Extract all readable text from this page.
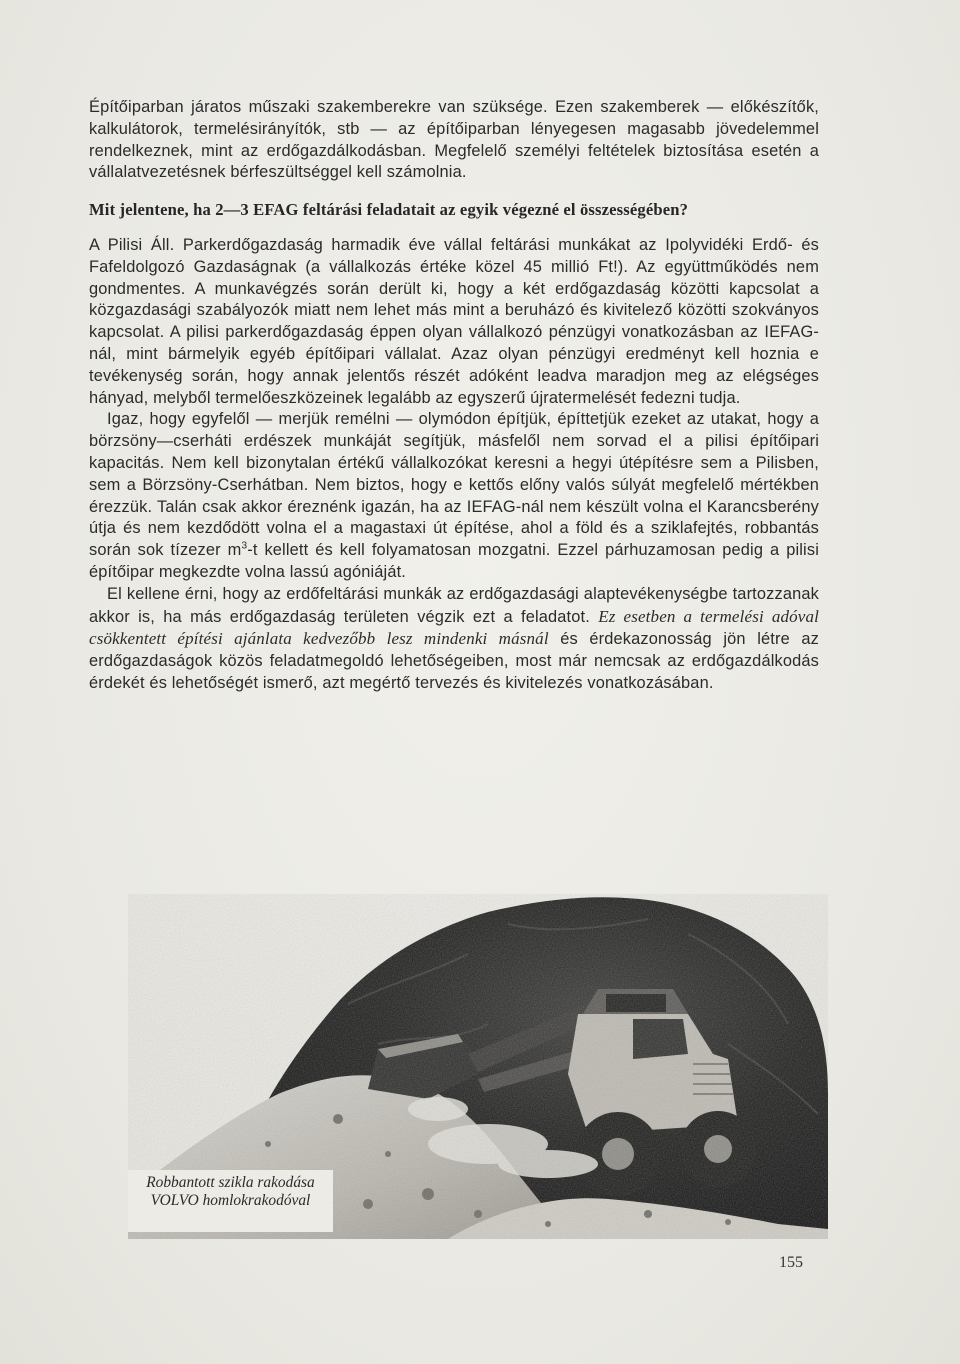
Építőiparban járatos műszaki szakemberekre van szüksége. Ezen szakemberek — előkészítők, kalkulátorok, termelésirányítók, stb — az építőiparban lényegesen magasabb jövedelemmel rendelkeznek, mint az erdőgazdálkodásban. Megfelelő személyi feltételek biztosítása esetén a vállalatvezetésnek bérfeszültséggel kell számolnia.

Mit jelentene, ha 2—3 EFAG feltárási feladatait az egyik végezné el összességében?

A Pilisi Áll. Parkerdőgazdaság harmadik éve vállal feltárási munkákat az Ipolyvidéki Erdő- és Fafeldolgozó Gazdaságnak (a vállalkozás értéke közel 45 millió Ft!). Az együttműködés nem gondmentes. A munkavégzés során derült ki, hogy a két erdőgazdaság közötti kapcsolat a közgazdasági szabályozók miatt nem lehet más mint a beruházó és kivitelező közötti szokványos kapcsolat. A pilisi parkerdőgazdaság éppen olyan vállalkozó pénzügyi vonatkozásban az IEFAG-nál, mint bármelyik egyéb építőipari vállalat. Azaz olyan pénzügyi eredményt kell hoznia e tevékenység során, hogy annak jelentős részét adóként leadva maradjon meg az elégséges hányad, melyből termelőeszközeinek legalább az egyszerű újratermelését fedezni tudja.

Igaz, hogy egyfelől — merjük remélni — olymódon építjük, építtetjük ezeket az utakat, hogy a börzsöny—cserháti erdészek munkáját segítjük, másfelől nem sorvad el a pilisi építőipari kapacitás. Nem kell bizonytalan értékű vállalkozókat keresni a hegyi útépítésre sem a Pilisben, sem a Börzsöny-Cserhátban. Nem biztos, hogy e kettős előny valós súlyát megfelelő mértékben érezzük. Talán csak akkor éreznénk igazán, ha az IEFAG-nál nem készült volna el Karancsberény útja és nem kezdődött volna el a magastaxi út építése, ahol a föld és a sziklafejtés, robbantás során sok tízezer $m^3-t$ kellett és kell folyamatosan mozgatni. Ezzel párhuzamosan pedig a pilisi építőipar megkezdte volna lassú agóniáját.

El kellene érni, hogy az erdőfeltárási munkák az erdőgazdasági alaptevékenységbe tartozzanak akkor is, ha más erdőgazdaság területen végzik ezt a feladatot. Ez esetben a termelési adóval csökkentett építési ajánlata kedvezőbb lesz mindenki másnál és érdekazonosság jön létre az erdőgazdaságok közös feladatmegoldó lehetőségeiben, most már nemcsak az erdőgazdálkodás érdekét és lehetőségét ismerő, azt megértő tervezés és kivitelezés vonatkozásában.

Robbantott szikla rakodása VOLVO homlokrakodóval
155
